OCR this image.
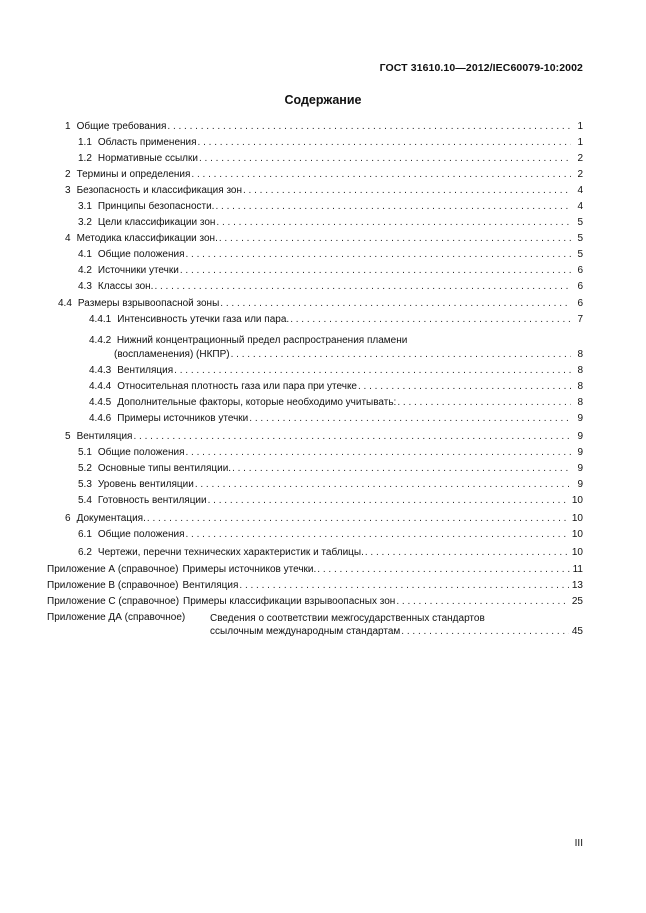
ГОСТ 31610.10—2012/IEC60079-10:2002
Содержание
1 Общие требования . . .	1
1.1 Область применения . . .	1
1.2 Нормативные ссылки . . .	2
2 Термины и определения . . .	2
3 Безопасность и классификация зон . . .	4
3.1 Принципы безопасности. . . .	4
3.2 Цели классификации зон . . .	5
4 Методика классификации зон. . . .	5
4.1 Общие положения . . .	5
4.2 Источники утечки . . .	6
4.3 Классы зон. . . .	6
4.4 Размеры взрывоопасной зоны . . .	6
4.4.1 Интенсивность утечки газа или пара. . . .	7
4.4.2 Нижний концентрационный предел распространения пламени
(воспламенения) (НКПР) . . .	8
4.4.3 Вентиляция . . .	8
4.4.4 Относительная плотность газа или пара при утечке . . .	8
4.4.5 Дополнительные факторы, которые необходимо учитывать: . . .	8
4.4.6 Примеры источников утечки . . .	9
5 Вентиляция . . .	9
5.1 Общие положения . . .	9
5.2 Основные типы вентиляции. . . .	9
5.3 Уровень вентиляции . . .	9
5.4 Готовность вентиляции . . .	10
6 Документация. . . .	10
6.1 Общие положения . . .	10
6.2 Чертежи, перечни технических характеристик и таблицы. . . .	10
Приложение А (справочное) Примеры источников утечки. . . .	11
Приложение В (справочное) Вентиляция . . .	13
Приложение С (справочное) Примеры классификации взрывоопасных зон . . .	25
Приложение ДА (справочное) Сведения о соответствии межгосударственных стандартов
ссылочным международным стандартам . . .	45
III
